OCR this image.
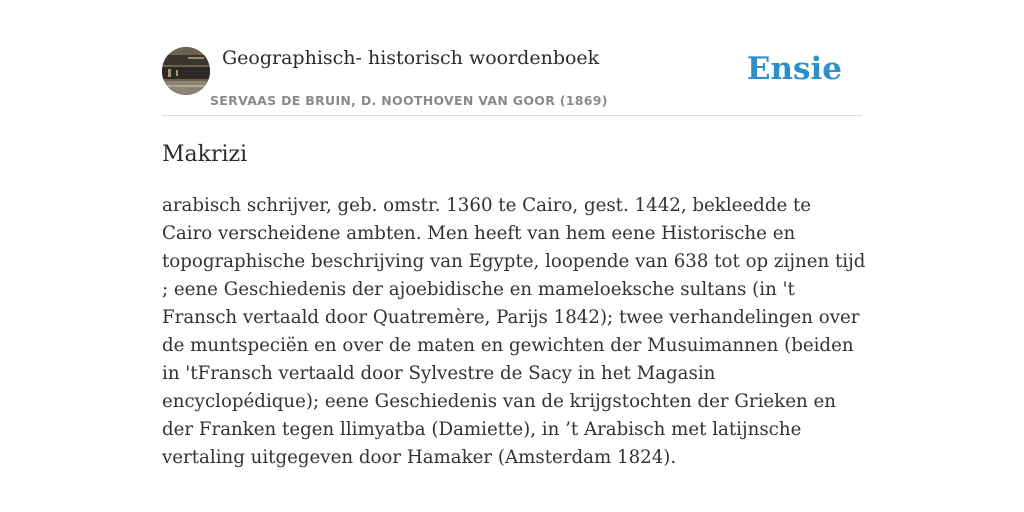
Geographisch- historisch woordenboek
SERVAAS DE BRUIN, D. NOOTHOVEN VAN GOOR (1869)
Ensie
Makrizi

arabisch schrijver, geb. omstr. 1360 te Cairo, gest. 1442, bekleedde te Cairo verscheidene ambten. Men heeft van hem eene Historische en topographische beschrijving van Egypte, loopende van 638 tot op zijnen tijd ; eene Geschiedenis der ajoebidische en mameloeksche sultans (in 't Fransch vertaald door Quatremère, Parijs 1842); twee verhandelingen over de muntspeciën en over de maten en gewichten der Musuimannen (beiden in 'tFransch vertaald door Sylvestre de Sacy in het Magasin encyclopédique); eene Geschiedenis van de krijgstochten der Grieken en der Franken tegen llimyatba (Damiette), in ’t Arabisch met latijnsche vertaling uitgegeven door Hamaker (Amsterdam 1824).
